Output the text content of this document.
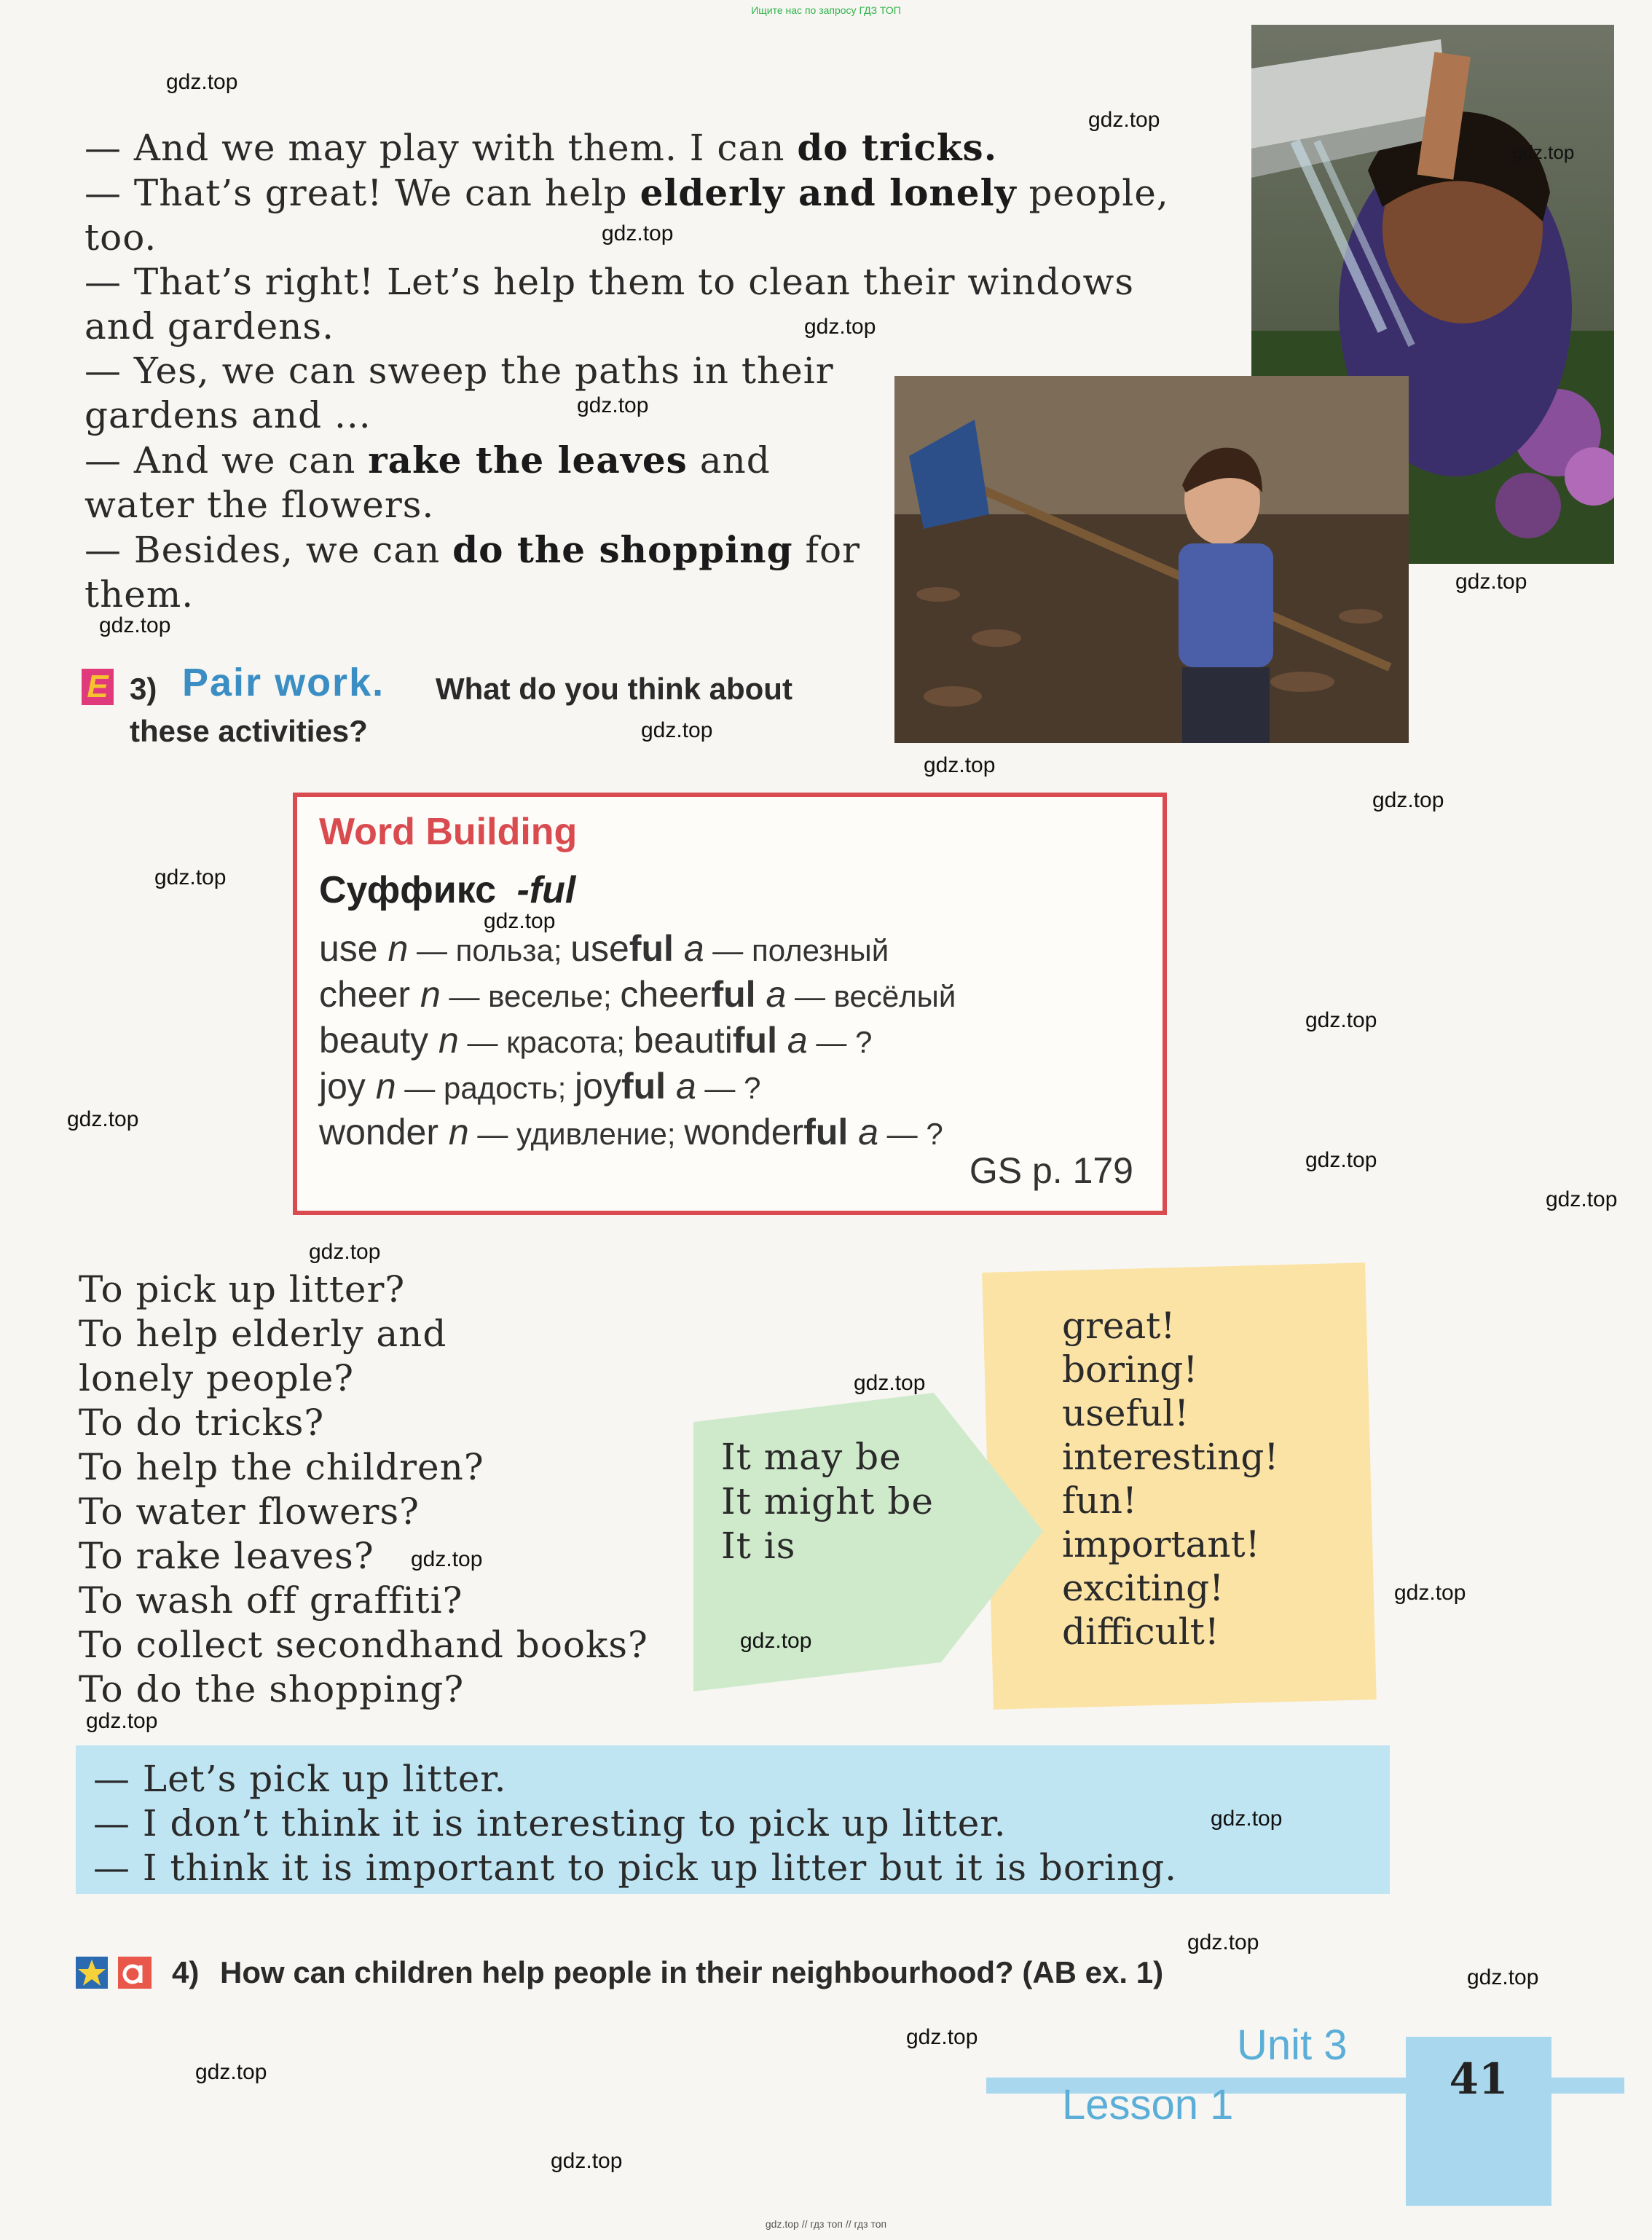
Ищите нас по запросу ГДЗ ТОП
— And we may play with them. I can do tricks.
— That’s great! We can help elderly and lonely people,
too.
— That’s right! Let’s help them to clean their windows
and gardens.
— Yes, we can sweep the paths in their
gardens and ...
— And we can rake the leaves and
water the flowers.
— Besides, we can do the shopping for
them.
E 3) Pair work. What do you think about
these activities?
Word Building
Суффикс -ful
use n — польза; useful a — полезный
cheer n — веселье; cheerful a — весёлый
beauty n — красота; beautiful a — ?
joy n — радость; joyful a — ?
wonder n — удивление; wonderful a — ?
GS p. 179
To pick up litter?
To help elderly and
lonely people?
To do tricks?
To help the children?
To water flowers?
To rake leaves?
To wash off graffiti?
To collect secondhand books?
To do the shopping?
It may be
It might be
It is
great!
boring!
useful!
interesting!
fun!
important!
exciting!
difficult!
— Let’s pick up litter.
— I don’t think it is interesting to pick up litter.
— I think it is important to pick up litter but it is boring.
4) How can children help people in their neighbourhood? (AB ex. 1)
Unit 3
Lesson 1
41
gdz.top
gdz.top
gdz.top
gdz.top
gdz.top
gdz.top
gdz.top
gdz.top
gdz.top
gdz.top
gdz.top
gdz.top
gdz.top
gdz.top
gdz.top
gdz.top
gdz.top
gdz.top
gdz.top
gdz.top
gdz.top
gdz.top
gdz.top
gdz.top
gdz.top
gdz.top
gdz.top
gdz.top
gdz.top
gdz.top // гдз топ // гдз топ
